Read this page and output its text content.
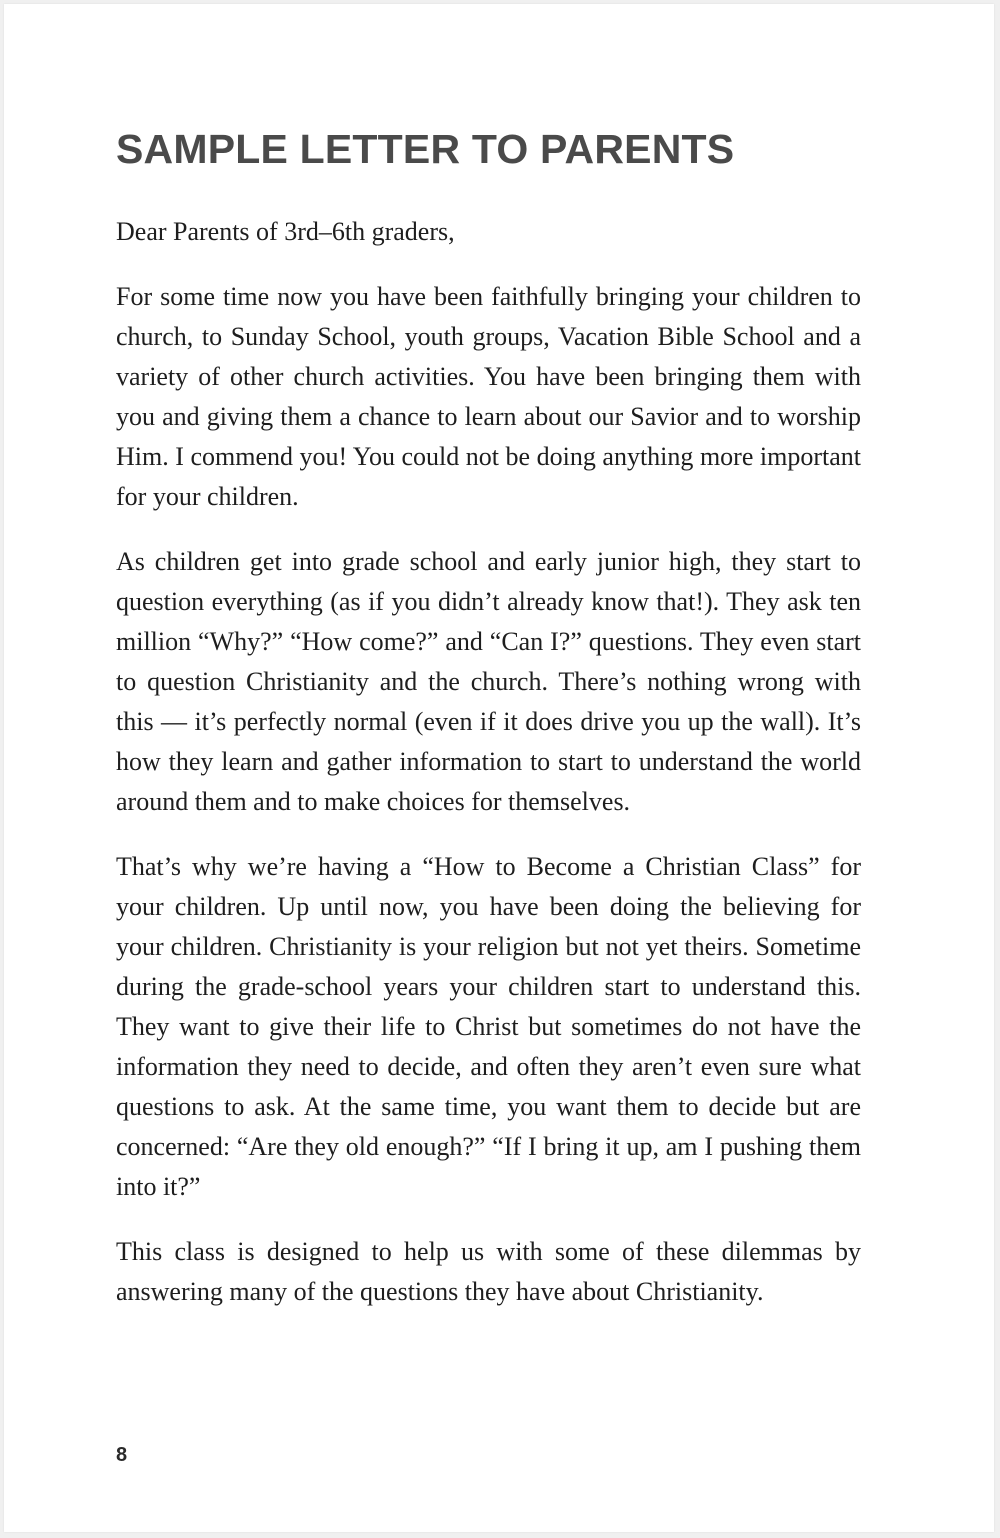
SAMPLE LETTER TO PARENTS

Dear Parents of 3rd–6th graders,

For some time now you have been faithfully bringing your children to church, to Sunday School, youth groups, Vacation Bible School and a variety of other church activities. You have been bringing them with you and giving them a chance to learn about our Savior and to worship Him. I commend you! You could not be doing anything more important for your children.

As children get into grade school and early junior high, they start to question everything (as if you didn’t already know that!). They ask ten million “Why?” “How come?” and “Can I?” questions. They even start to question Christianity and the church. There’s nothing wrong with this — it’s perfectly normal (even if it does drive you up the wall). It’s how they learn and gather information to start to understand the world around them and to make choices for themselves.

That’s why we’re having a “How to Become a Christian Class” for your children. Up until now, you have been doing the believing for your children. Christianity is your religion but not yet theirs. Sometime during the grade-school years your children start to understand this. They want to give their life to Christ but sometimes do not have the information they need to decide, and often they aren’t even sure what questions to ask. At the same time, you want them to decide but are concerned: “Are they old enough?” “If I bring it up, am I pushing them into it?”

This class is designed to help us with some of these dilemmas by answering many of the questions they have about Christianity.

8
